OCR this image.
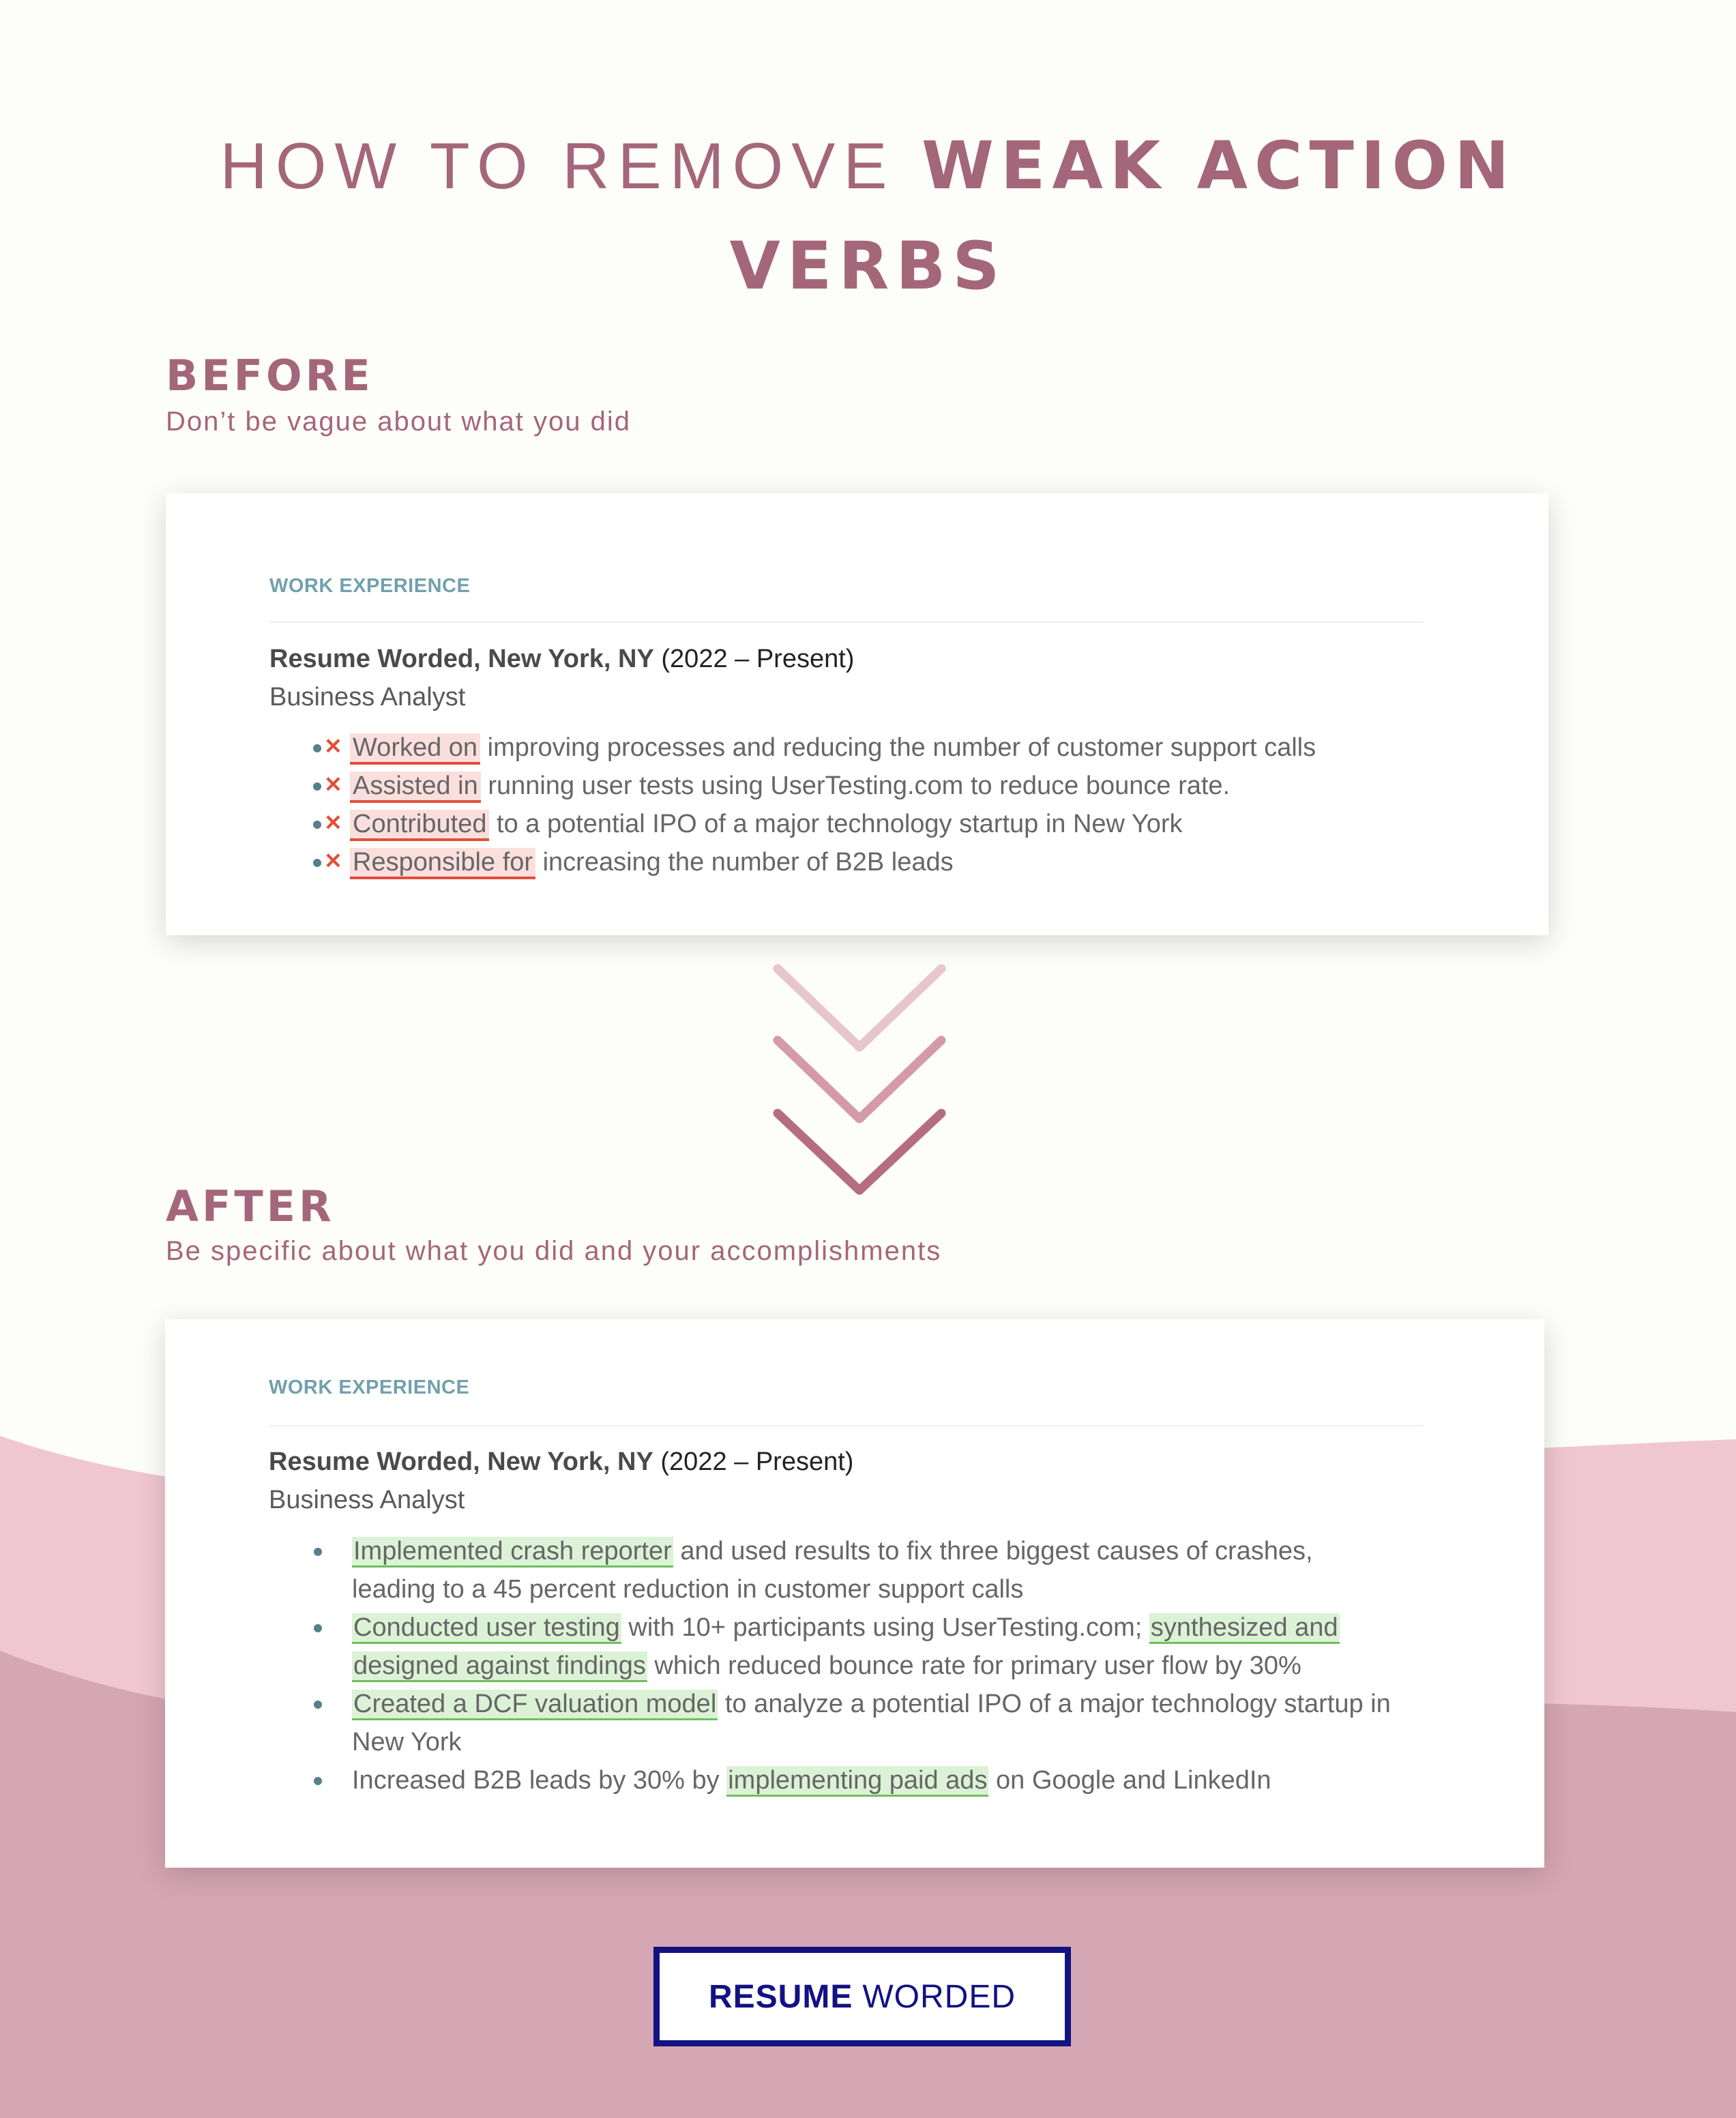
HOW TO REMOVE WEAK ACTION
VERBS
BEFORE
Don’t be vague about what you did
WORK EXPERIENCE
Resume Worded, New York, NY (2022 – Present)
Business Analyst
✕ Worked on improving processes and reducing the number of customer support calls
✕ Assisted in running user tests using UserTesting.com to reduce bounce rate.
✕ Contributed to a potential IPO of a major technology startup in New York
✕ Responsible for increasing the number of B2B leads
AFTER
Be specific about what you did and your accomplishments
WORK EXPERIENCE
Resume Worded, New York, NY (2022 – Present)
Business Analyst
Implemented crash reporter and used results to fix three biggest causes of crashes,
leading to a 45 percent reduction in customer support calls
Conducted user testing with 10+ participants using UserTesting.com; synthesized and
designed against findings which reduced bounce rate for primary user flow by 30%
Created a DCF valuation model to analyze a potential IPO of a major technology startup in
New York
Increased B2B leads by 30% by implementing paid ads on Google and LinkedIn
RESUME WORDED
